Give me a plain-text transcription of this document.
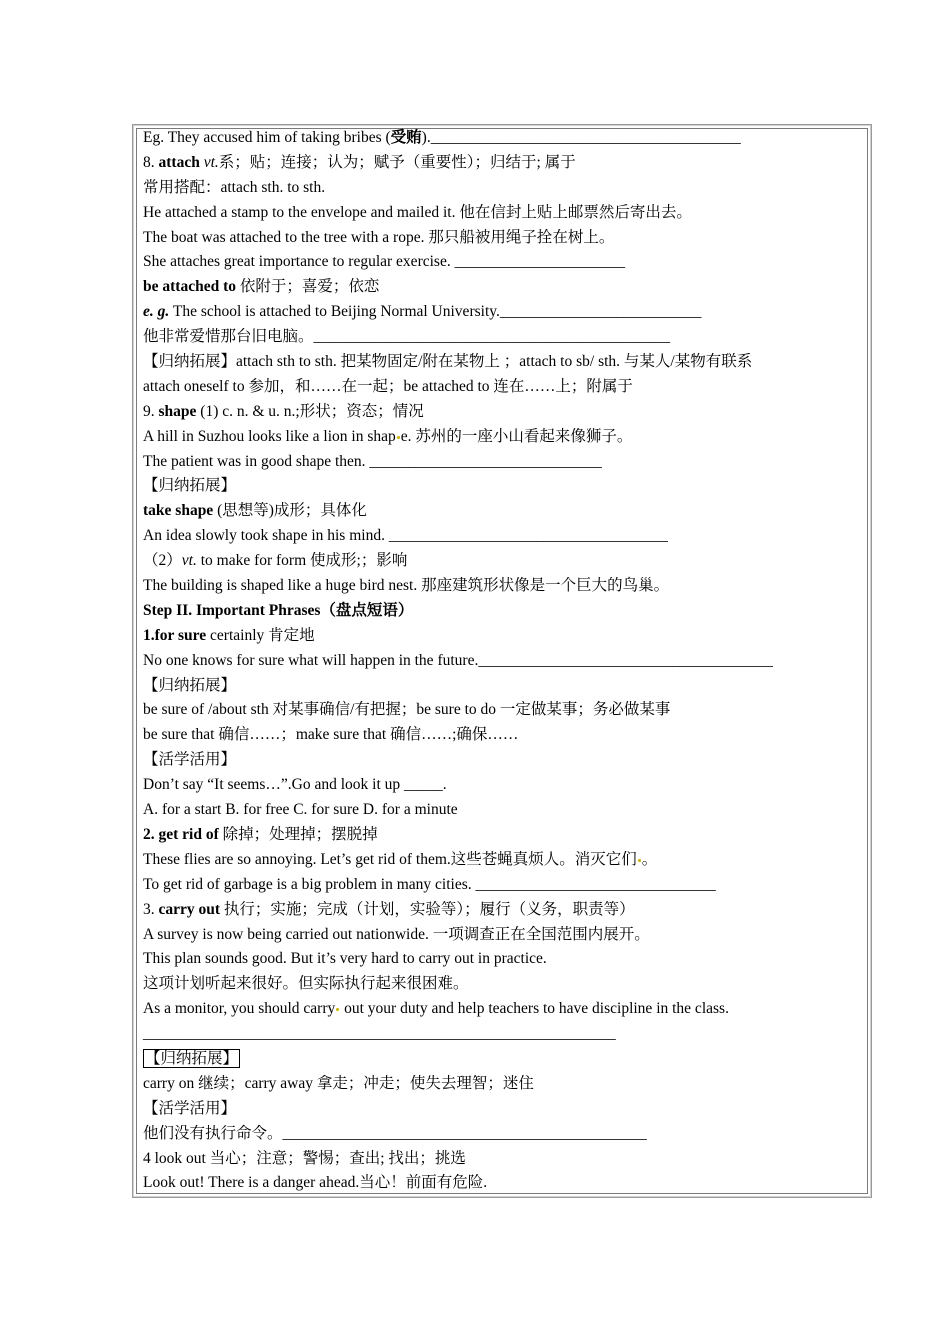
Eg. They accused him of taking bribes (受贿).________________________________________
8. attach vt.系；贴；连接；认为；赋予（重要性）；归结于; 属于
常用搭配：attach sth. to sth.
He attached a stamp to the envelope and mailed it. 他在信封上贴上邮票然后寄出去。
The boat was attached to the tree with a rope. 那只船被用绳子拴在树上。
She attaches great importance to regular exercise. ______________________
be attached to 依附于；喜爱；依恋
e. g. The school is attached to Beijing Normal University.__________________________
他非常爱惜那台旧电脑。______________________________________________
【归纳拓展】attach sth to sth. 把某物固定/附在某物上 ；attach to sb/ sth. 与某人/某物有联系
attach oneself to 参加，和……在一起；be attached to 连在……上；附属于
9. shape (1) c. n. & u. n.;形状；资态；情况
A hill in Suzhou looks like a lion in shap e. 苏州的一座小山看起来像狮子。
The patient was in good shape then. ______________________________
【归纳拓展】
take shape (思想等)成形；具体化
An idea slowly took shape in his mind. ____________________________________
（2）vt. to make for form 使成形;；影响
The building is shaped like a huge bird nest. 那座建筑形状像是一个巨大的鸟巢。
Step II. Important Phrases（盘点短语）
1.for sure certainly 肯定地
No one knows for sure what will happen in the future.______________________________________
【归纳拓展】
be sure of /about sth 对某事确信/有把握；be sure to do 一定做某事；务必做某事
be sure that 确信……；make sure that 确信……;确保……
【活学活用】
Don’t say “It seems…”.Go and look it up _____.
A. for a start B. for free C. for sure D. for a minute
2. get rid of 除掉；处理掉；摆脱掉
These flies are so annoying. Let’s get rid of them.这些苍蝇真烦人。消灭它们 。
To get rid of garbage is a big problem in many cities. _______________________________
3. carry out 执行；实施；完成（计划，实验等）；履行（义务，职责等）
A survey is now being carried out nationwide. 一项调查正在全国范围内展开。
This plan sounds good. But it’s very hard to carry out in practice.
这项计划听起来很好。但实际执行起来很困难。
As a monitor, you should carry out your duty and help teachers to have discipline in the class.
_____________________________________________________________
【归纳拓展】
carry on 继续；carry away 拿走；冲走；使失去理智；迷住
【活学活用】
他们没有执行命令。_______________________________________________
4 look out 当心；注意；警惕；查出; 找出；挑选
Look out! There is a danger ahead.当心！前面有危险.
